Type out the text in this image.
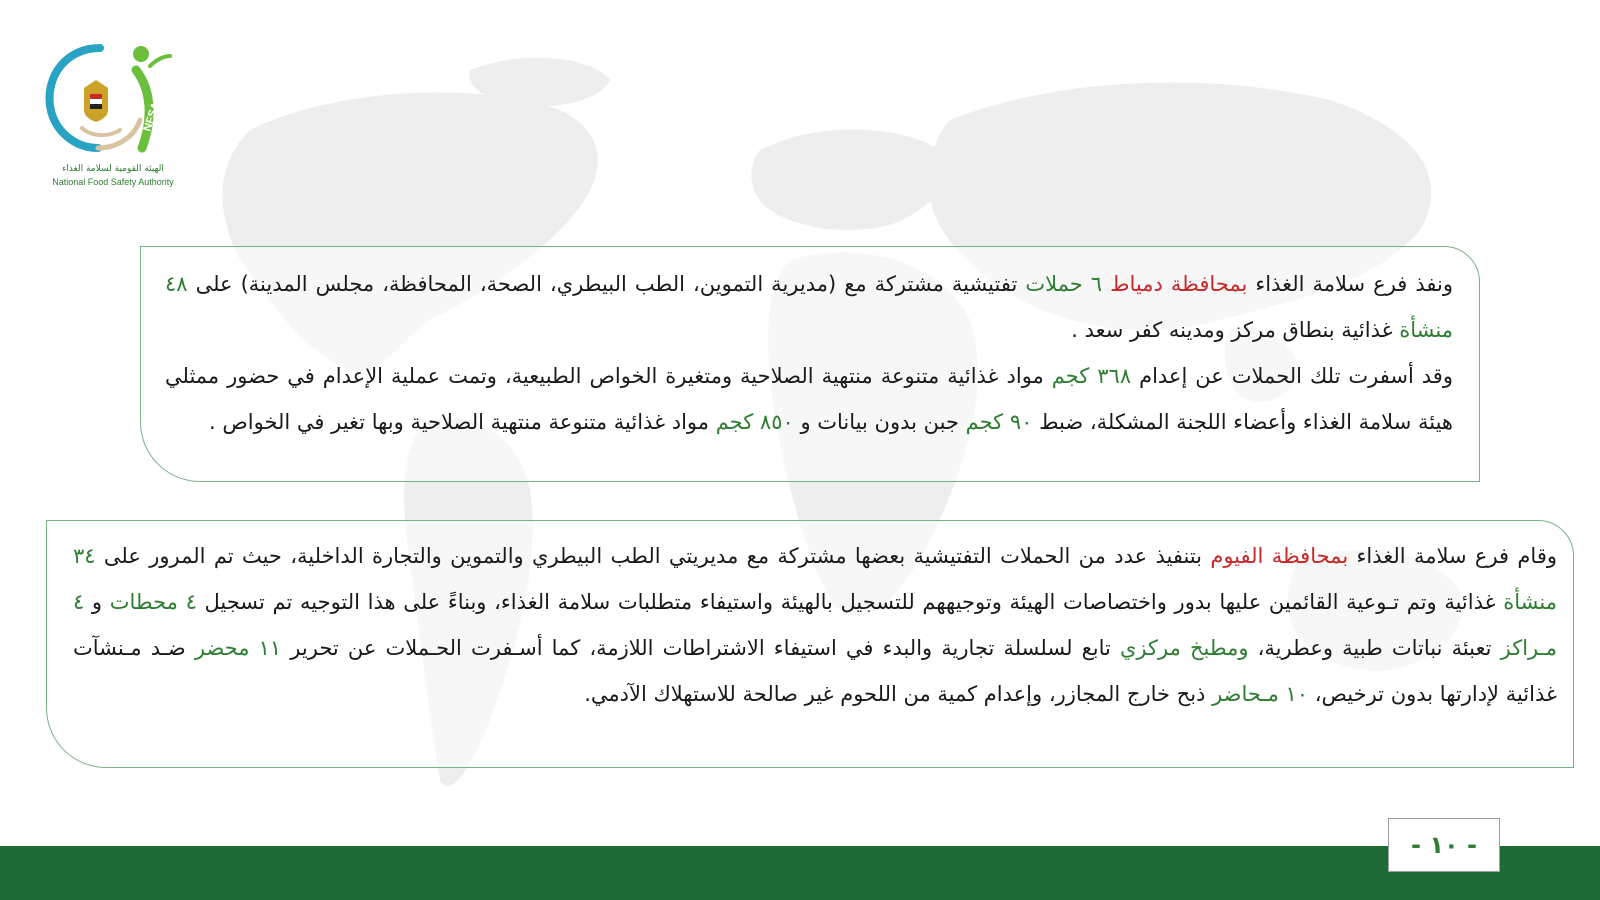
NFSA
الهيئة القومية لسلامة الغذاء
National Food Safety Authority

ونفذ فرع سلامة الغذاء بمحافظة دمياط ٦ حملات تفتيشية مشتركة مع (مديرية التموين، الطب البيطري، الصحة، المحافظة، مجلس المدينة) على ٤٨ منشأة غذائية بنطاق مركز ومدينه كفر سعد .

وقد أسفرت تلك الحملات عن إعدام ٣٦٨ كجم مواد غذائية متنوعة منتهية الصلاحية ومتغيرة الخواص الطبيعية، وتمت عملية الإعدام في حضور ممثلي هيئة سلامة الغذاء وأعضاء اللجنة المشكلة، ضبط ٩٠ كجم جبن بدون بيانات و ٨٥٠ كجم مواد غذائية متنوعة منتهية الصلاحية وبها تغير في الخواص .

وقام فرع سلامة الغذاء بمحافظة الفيوم بتنفيذ عدد من الحملات التفتيشية بعضها مشتركة مع مديريتي الطب البيطري والتموين والتجارة الداخلية، حيث تم المرور على ٣٤ منشأة غذائية وتم تـوعية القائمين عليها بدور واختصاصات الهيئة وتوجيههم للتسجيل بالهيئة واستيفاء متطلبات سلامة الغذاء، وبناءً على هذا التوجيه تم تسجيل ٤ محطات و ٤ مـراكز تعبئة نباتات طبية وعطرية، ومطبخ مركزي تابع لسلسلة تجارية والبدء في استيفاء الاشتراطات اللازمة، كما أسـفرت الحـملات عن تحرير ١١ محضر ضـد مـنشآت غذائية لإدارتها بدون ترخيص، ١٠ مـحاضر ذبح خارج المجازر، وإعدام كمية من اللحوم غير صالحة للاستهلاك الآدمي.

- ١٠ -
